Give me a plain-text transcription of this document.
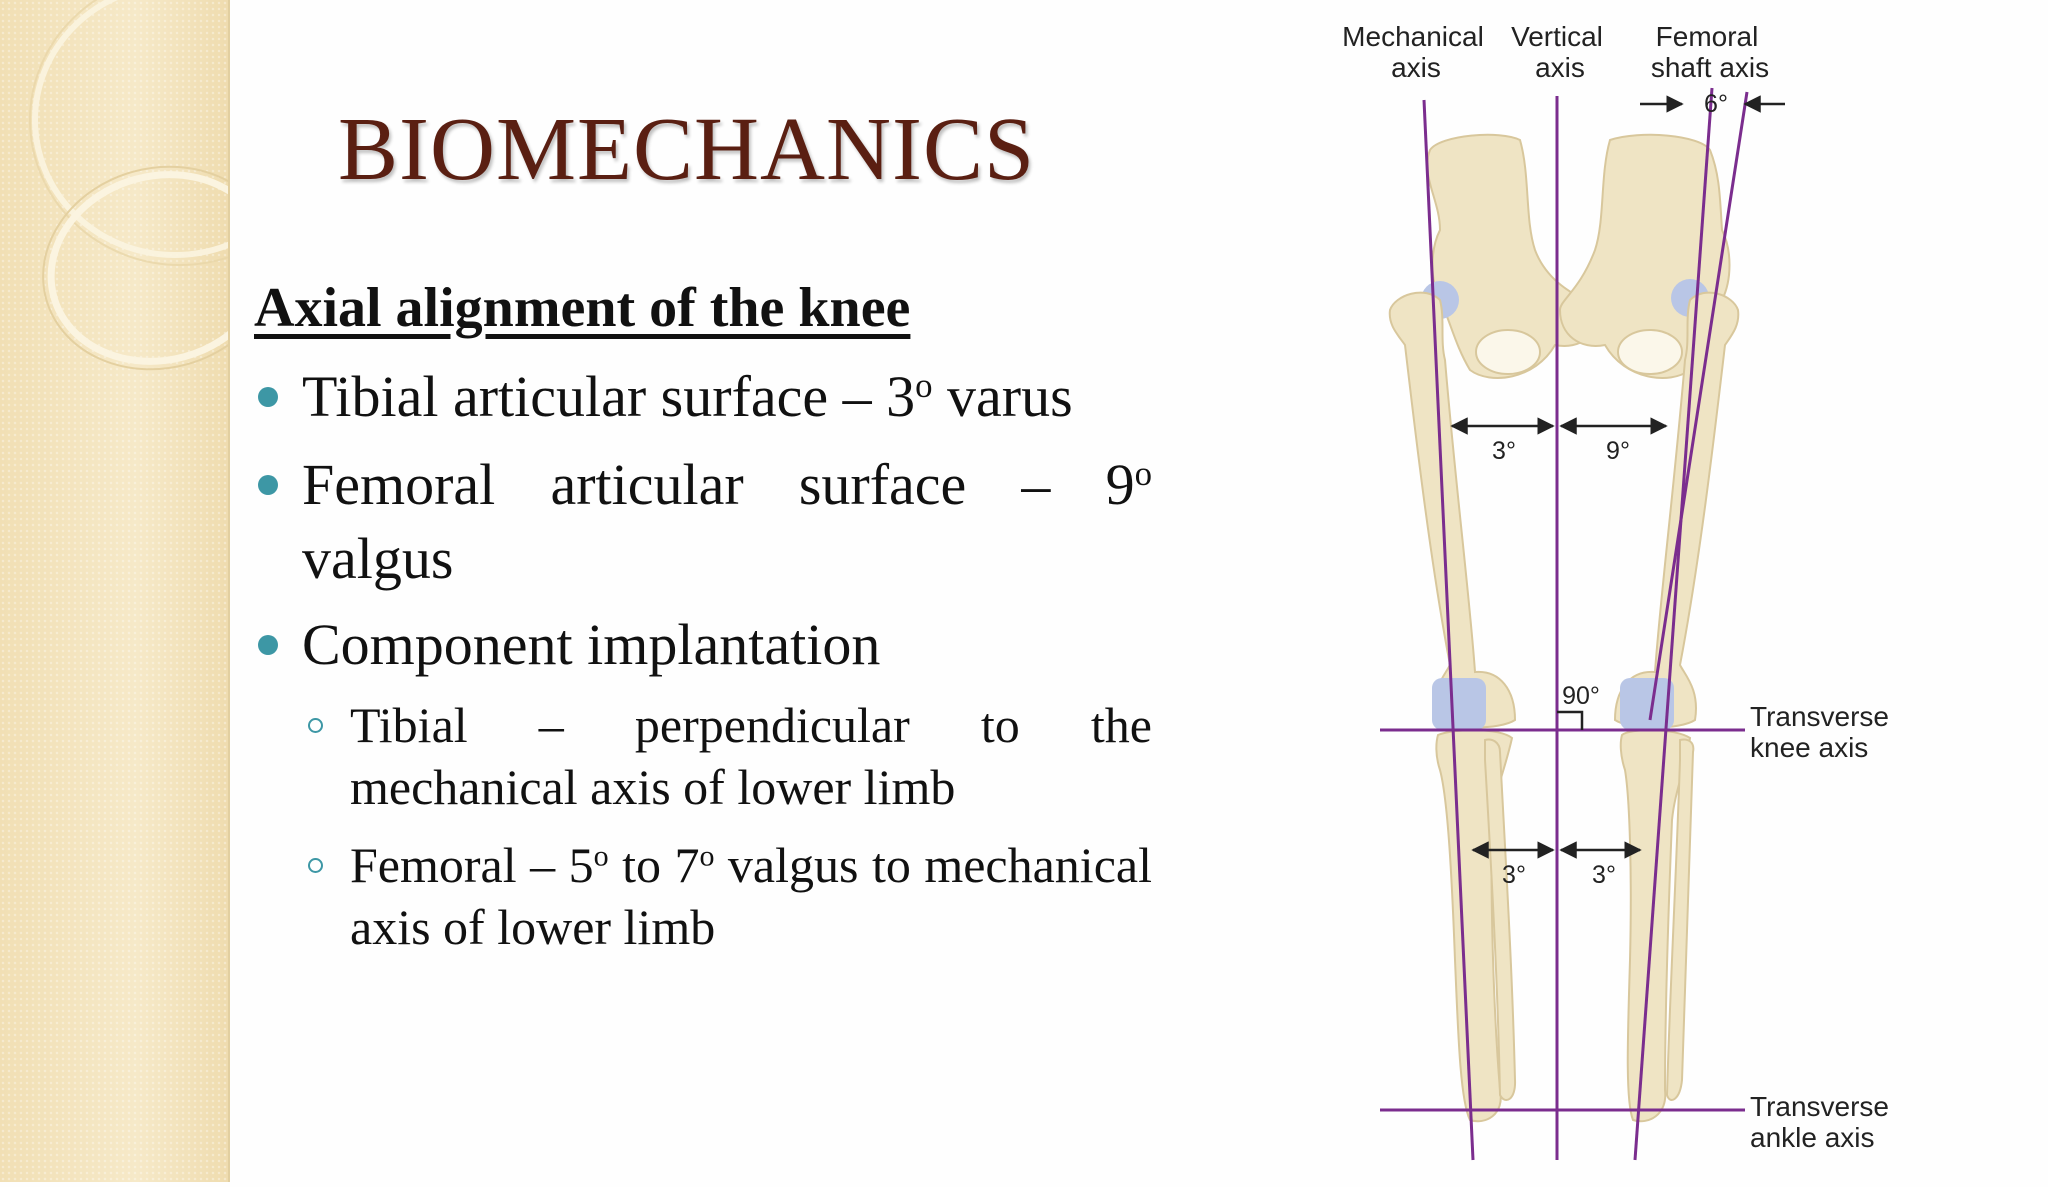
BIOMECHANICS
Axial alignment of the knee
Tibial articular surface – 3$^o$ varus
Femoral articular surface – 9$^o$ valgus
Component implantation
Tibial – perpendicular to the mechanical axis of lower limb
Femoral – 5$^o$ to 7$^o$ valgus to mechanical axis of lower limb
Mechanical
axis
Vertical
axis
Femoral
shaft axis
Transverse
knee axis
Transverse
ankle axis
6°
3°	9°
90°
3°	3°
